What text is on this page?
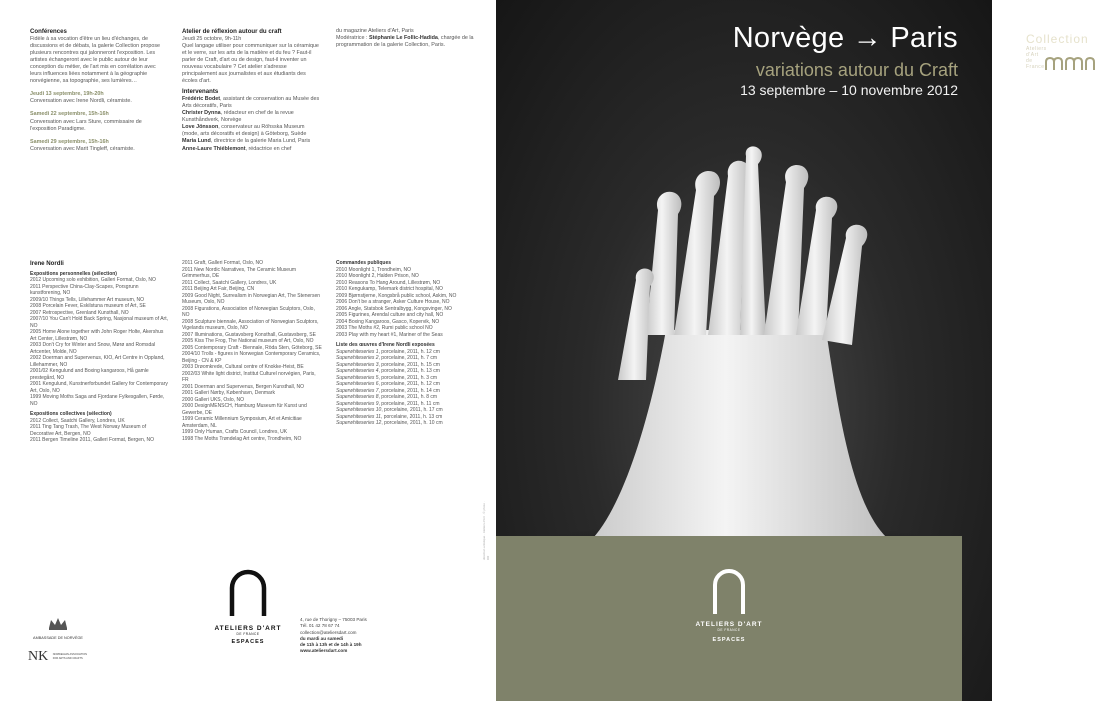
Conférences
Fidèle à sa vocation d'être un lieu d'échanges, de discussions et de débats, la galerie Collection propose plusieurs rencontres qui jalonneront l'exposition. Les artistes échangeront avec le public autour de leur conception du métier, de l'art mis en corrélation avec leurs influences liées notamment à la géographie norvégienne, sa topographie, ses lumières…
Jeudi 13 septembre, 19h-20h
Conversation avec Irene Nordli, céramiste.
Samedi 22 septembre, 15h-16h
Conversation avec Lars Sture, commissaire de l'exposition Paradigme.
Samedi 29 septembre, 15h-16h
Conversation avec Marit Tingleff, céramiste.
Atelier de réflexion autour du craft
Jeudi 25 octobre, 9h-11h
Quel langage utiliser pour communiquer sur la céramique et le verre, sur les arts de la matière et du feu ? Faut-il parler de Craft, d'art ou de design, faut-il inventer un nouveau vocabulaire ? Cet atelier s'adresse principalement aux journalistes et aux étudiants des écoles d'art.
Intervenants
Frédéric Bodet, assistant de conservation au Musée des Arts décoratifs, Paris
Christer Dynna, rédacteur en chef de la revue Kunsthåndverk, Norvège
Love Jönsson, conservateur au Röhsska Museum (mode, arts décoratifs et design) à Göteborg, Suède
Maria Lund, directrice de la galerie Maria Lund, Paris
Anne-Laure Thiéblemont, rédactrice en chef
du magazine Ateliers d'Art, Paris
Modératrice : Stéphanie Le Follic-Hadida, chargée de la programmation de la galerie Collection, Paris.
Irene Nordli
Expositions personnelles (sélection)
2012 Upcoming solo exhibition, Galleri Format, Oslo, NO
2011 Perspective China-Clay-Scapes, Porsgrunn kunstforening, NO
2009/10 Things Tells, Lillehammer Art museum, NO
2008 Porcelain Fever, Eskilstuna museum of Art, SE
2007 Retrospective, Grenland Kunsthall, NO
2007/10 You Can't Hold Back Spring, Nasjonal museum of Art, NO
2005 Home Alone together with John Roger Holte, Akershus Art Center, Lillestrøm, NO
2003 Don't Cry for Winter and Snow, Mørø and Romsdal Artcenter, Molde, NO
2002 Doerman and Supervenus, KIO, Art Centre in Oppland, Lillehammer, NO
2001/02 Kengulund and Boxing kangaroos, Hå gamle prestegård, NO
2001 Kengulund, Kunstnerforbundet Gallery for Contemporary Art, Oslo, NO
1999 Moving Moths Saga and Fjordane Fylkesgallen, Førde, NO
Expositions collectives (sélection)
2012 Collect, Saatchi Gallery, Londres, UK
2011 Ting Tang Trash, The West Norway Museum of Decorative Art, Bergen, NO
2011 Bergen Timeline 2011, Galleri Format, Bergen, NO
2011 Graft, Galleri Format, Oslo, NO
2011 New Nordic Narratives, The Ceramic Museum Grimmerhus, DE
2011 Collect, Saatchi Gallery, Londres, UK
2011 Beijing Art Fair, Beijing, CN
2009 Good Night, Surrealism in Norwegian Art, The Stenersen Museum, Oslo, NO
2008 Figurations, Association of Norwegian Sculptors, Oslo, NO
2008 Sculpture biennale, Association of Norwegian Sculptors, Vigelands museum, Oslo, NO
2007 Illuminations, Gustavsberg Konsthall, Gustavsberg, SE
2005 Kiss The Frog, The National museum of Art, Oslo, NO
2005 Contemporary Craft - Biennale, Röda Sten, Göteborg, SE
2004/10 Trolls - figures in Norwegian Contemporary Ceramics, Beijing - CN & KP
2003 Drøomkrede, Cultural centre of Knokke-Heist, BE
2002/03 White light district, Institut Culturel norvégien, Paris, FR
2001 Doerman and Supervenus, Bergen Kunsthall, NO
2001 Galleri Nørby, København, Denmark
2000 Galleri UKS, Oslo, NO
2000 DesignMENSCH, Hamburg Museum für Kunst und Gewerbe, DE
1999 Ceramic Millennium Symposium, Art et Amicitiae Amsterdam, NL
1999 Only Human, Crafts Council, Londres, UK
1998 The Moths Trøndelag Art centre, Trondheim, NO
Commandes publiques
2010 Moonlight 1, Trondheim, NO
2010 Moonlight 2, Halden Prison, NO
2010 Reasons To Hang Around, Lillestrøm, NO
2010 Kengukamp, Telemark district hospital, NO
2009 Bjørnstjerne, Kongsbrå public school, Askim, NO
2006 Don't be a stranger, Asker Culture House, NO
2006 Angle, Statsbok Sentralbygg, Kongsvinger, NO
2005 Figurines, Arendal culture and city hall, NO
2004 Boxing Kangaroos, Gasco, Kopervik, NO
2003 The Moths #2, Rumi public school NO
2003 Play with my heart #1, Mariner of the Seas
Liste des œuvres d'Irene Nordli exposées
Superwhiteseries 1, porcelaine, 2011, h. 12 cm
Superwhiteseries 2, porcelaine, 2011, h. 7 cm
Superwhiteseries 3, porcelaine, 2011, h. 15 cm
Superwhiteseries 4, porcelaine, 2011, h. 13 cm
Superwhiteseries 5, porcelaine, 2011, h. 3 cm
Superwhiteseries 6, porcelaine, 2011, h. 12 cm
Superwhiteseries 7, porcelaine, 2011, h. 14 cm
Superwhiteseries 8, porcelaine, 2011, h. 8 cm
Superwhiteseries 9, porcelaine, 2011, h. 11 cm
Superwhiteseries 10, porcelaine, 2011, h. 17 cm
Superwhiteseries 11, porcelaine, 2011, h. 13 cm
Superwhiteseries 12, porcelaine, 2011, h. 10 cm
AMBASSADE DE NORVÈGE
NK NORWEGIAN ASSOCIATION FOR ARTS AND CRAFTS
ATELIERS D'ART
DE FRANCE
ESPACES
4, rue de Thorigny – 75003 Paris
Tél. 01 42 78 67 74
collection@ateliersdart.com
du mardi au samedi
de 11h à 13h et de 14h à 19h
www.ateliersdart.com
direction artistique · Ateliers d'Art · © photo · DR
Collection
Ateliers d'Art de France
Norvège → Paris
variations autour du Craft
13 septembre – 10 novembre 2012
ATELIERS D'ART
DE FRANCE
ESPACES
